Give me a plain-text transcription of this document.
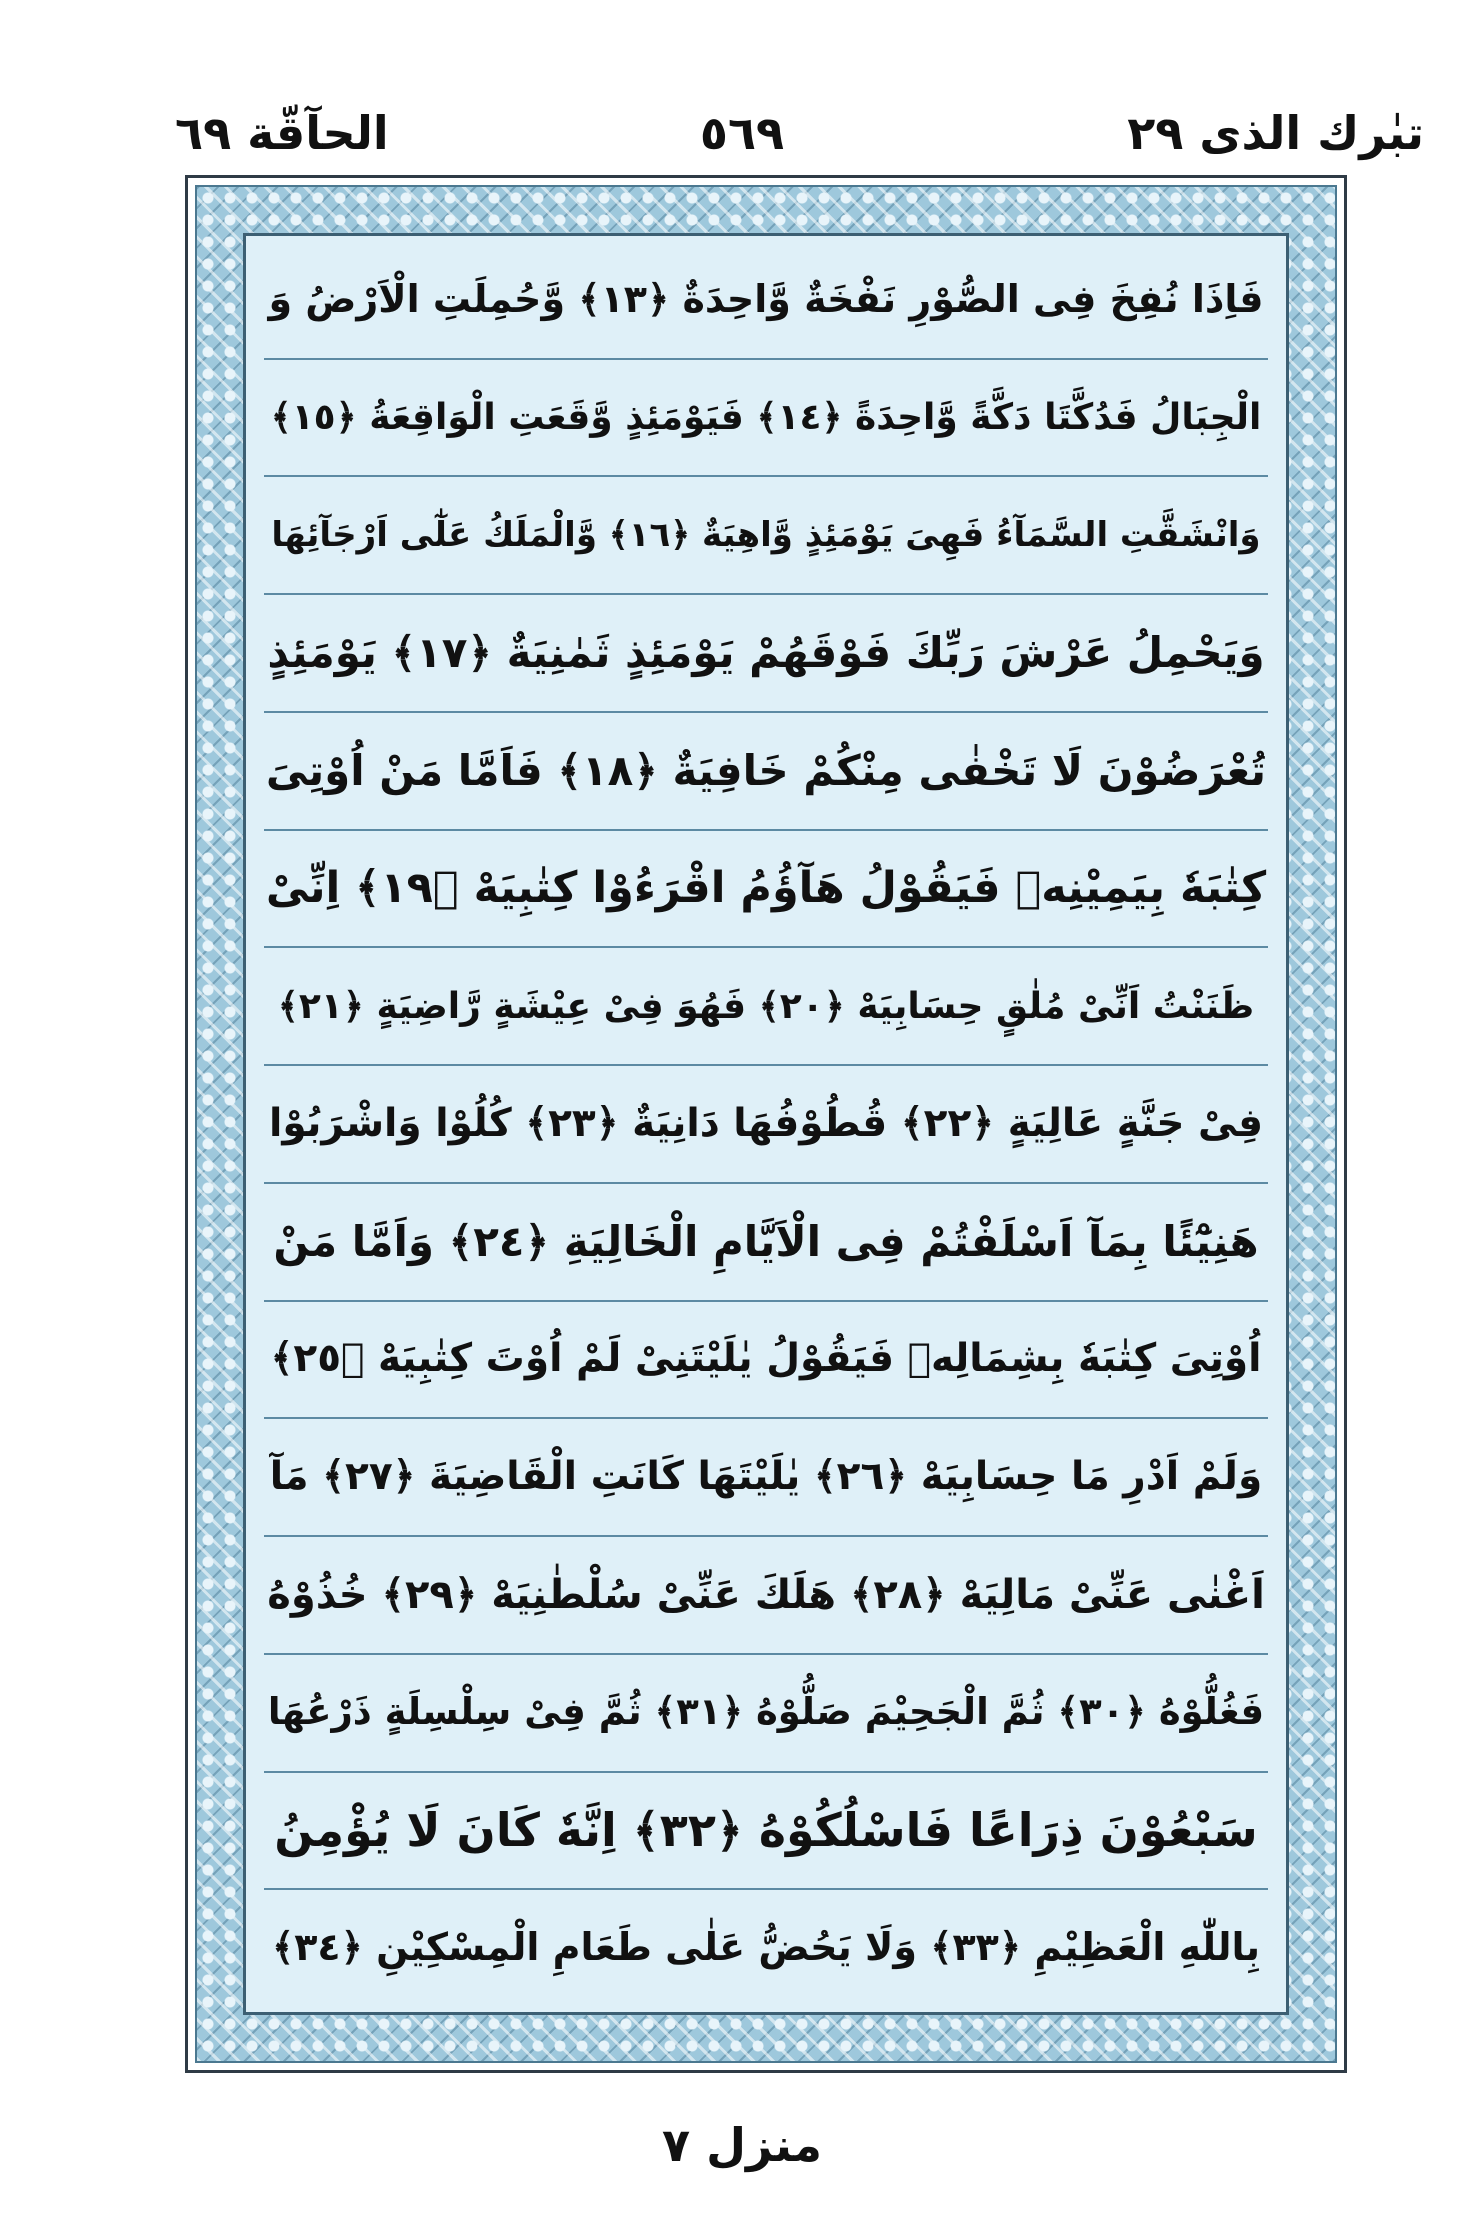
تبٰرك الذى ٢٩
٥٦٩
الحآقّة ٦٩
فَاِذَا نُفِخَ فِى الصُّوْرِ نَفْخَةٌ وَّاحِدَةٌ ﴿١٣﴾ وَّحُمِلَتِ الْاَرْضُ وَ
الْجِبَالُ فَدُكَّتَا دَكَّةً وَّاحِدَةً ﴿١٤﴾ فَيَوْمَئِذٍ وَّقَعَتِ الْوَاقِعَةُ ﴿١٥﴾
وَانْشَقَّتِ السَّمَآءُ فَهِىَ يَوْمَئِذٍ وَّاهِيَةٌ ﴿١٦﴾ وَّالْمَلَكُ عَلٰٓى اَرْجَآئِهَا
وَيَحْمِلُ عَرْشَ رَبِّكَ فَوْقَهُمْ يَوْمَئِذٍ ثَمٰنِيَةٌ ﴿١٧﴾ يَوْمَئِذٍ
تُعْرَضُوْنَ لَا تَخْفٰى مِنْكُمْ خَافِيَةٌ ﴿١٨﴾ فَاَمَّا مَنْ اُوْتِىَ
كِتٰبَهٗ بِيَمِيْنِهٖ فَيَقُوْلُ هَآؤُمُ اقْرَءُوْا كِتٰبِيَهْ ﴿١٩﴾ اِنِّىْ
ظَنَنْتُ اَنِّىْ مُلٰقٍ حِسَابِيَهْ ﴿٢٠﴾ فَهُوَ فِىْ عِيْشَةٍ رَّاضِيَةٍ ﴿٢١﴾
فِىْ جَنَّةٍ عَالِيَةٍ ﴿٢٢﴾ قُطُوْفُهَا دَانِيَةٌ ﴿٢٣﴾ كُلُوْا وَاشْرَبُوْا
هَنِيْٓئًا بِمَآ اَسْلَفْتُمْ فِى الْاَيَّامِ الْخَالِيَةِ ﴿٢٤﴾ وَاَمَّا مَنْ
اُوْتِىَ كِتٰبَهٗ بِشِمَالِهٖ فَيَقُوْلُ يٰلَيْتَنِىْ لَمْ اُوْتَ كِتٰبِيَهْ ﴿٢٥﴾
وَلَمْ اَدْرِ مَا حِسَابِيَهْ ﴿٢٦﴾ يٰلَيْتَهَا كَانَتِ الْقَاضِيَةَ ﴿٢٧﴾ مَآ
اَغْنٰى عَنِّىْ مَالِيَهْ ﴿٢٨﴾ هَلَكَ عَنِّىْ سُلْطٰنِيَهْ ﴿٢٩﴾ خُذُوْهُ
فَغُلُّوْهُ ﴿٣٠﴾ ثُمَّ الْجَحِيْمَ صَلُّوْهُ ﴿٣١﴾ ثُمَّ فِىْ سِلْسِلَةٍ ذَرْعُهَا
سَبْعُوْنَ ذِرَاعًا فَاسْلُكُوْهُ ﴿٣٢﴾ اِنَّهٗ كَانَ لَا يُؤْمِنُ
بِاللّٰهِ الْعَظِيْمِ ﴿٣٣﴾ وَلَا يَحُضُّ عَلٰى طَعَامِ الْمِسْكِيْنِ ﴿٣٤﴾
منزل ٧
